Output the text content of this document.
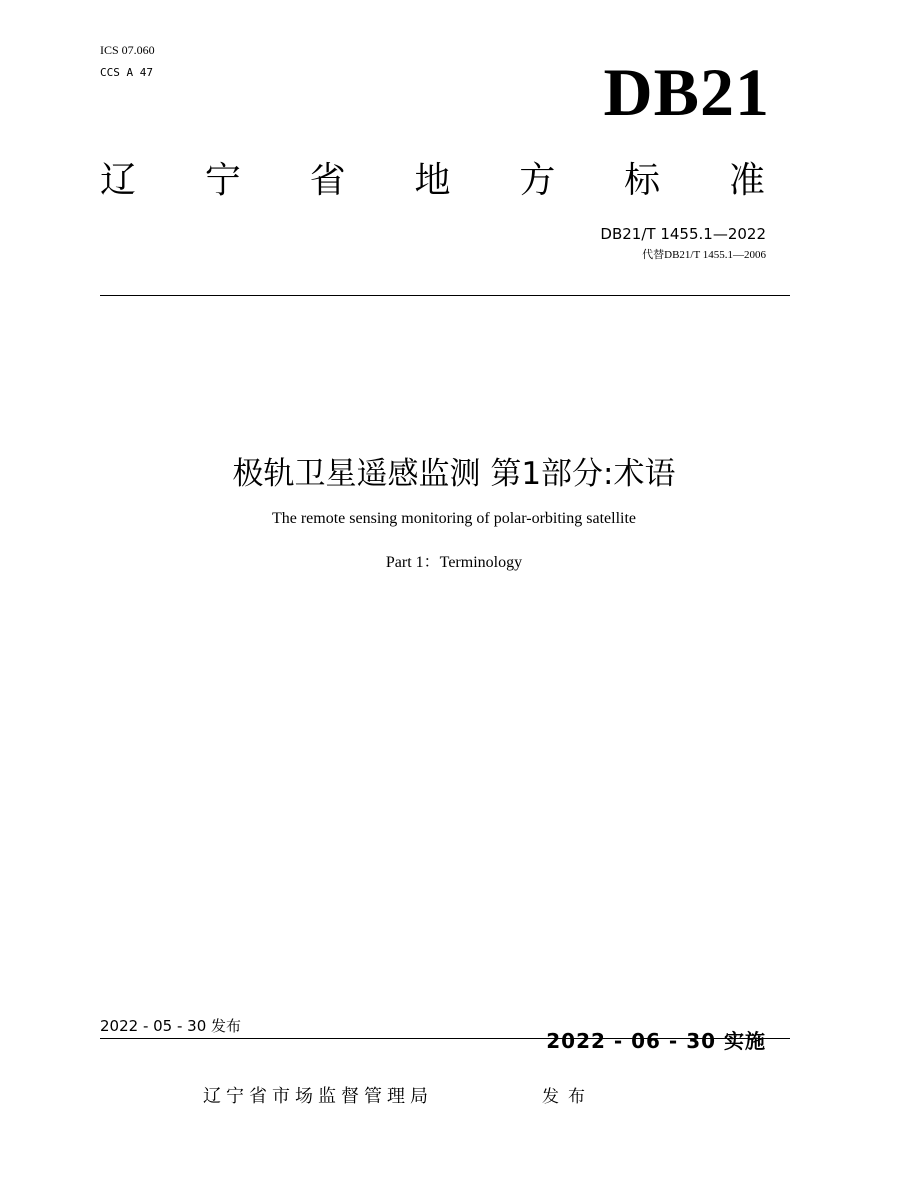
ICS 07.060
CCS A 47	DB21
辽 宁 省 地 方 标 准
DB21/T 1455.1—2022
代替DB21/T 1455.1—2006
极轨卫星遥感监测 第1部分:术语
The remote sensing monitoring of polar-orbiting satellite
Part 1：Terminology
2022 - 05 - 30 发布
2022 - 06 - 30 实施
辽宁省市场监督管理局	发布
